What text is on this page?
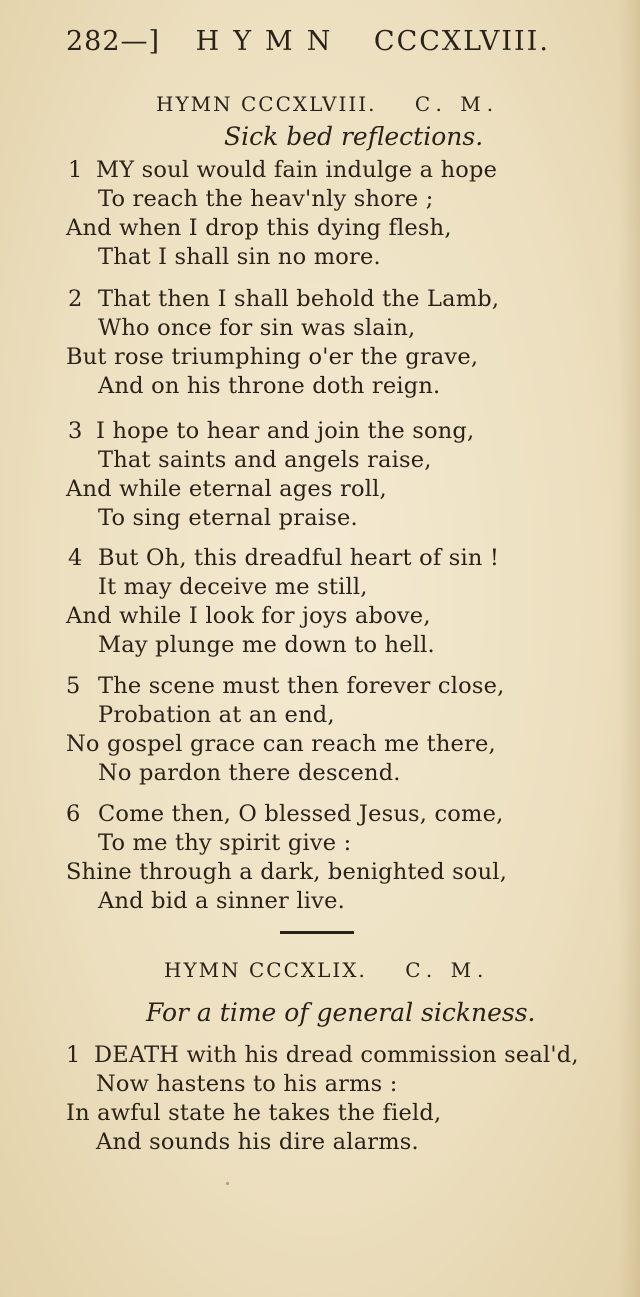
282—] HYMN CCCXLVIII.
HYMN CCCXLVIII. C. M.
Sick bed reflections.
1 MY soul would fain indulge a hope
To reach the heav'nly shore ;
And when I drop this dying flesh,
That I shall sin no more.
2 That then I shall behold the Lamb,
Who once for sin was slain,
But rose triumphing o'er the grave,
And on his throne doth reign.
3 I hope to hear and join the song,
That saints and angels raise,
And while eternal ages roll,
To sing eternal praise.
4 But Oh, this dreadful heart of sin !
It may deceive me still,
And while I look for joys above,
May plunge me down to hell.
5 The scene must then forever close,
Probation at an end,
No gospel grace can reach me there,
No pardon there descend.
6 Come then, O blessed Jesus, come,
To me thy spirit give :
Shine through a dark, benighted soul,
And bid a sinner live.
HYMN CCCXLIX. C. M.
For a time of general sickness.
1 DEATH with his dread commission seal'd,
Now hastens to his arms :
In awful state he takes the field,
And sounds his dire alarms.
